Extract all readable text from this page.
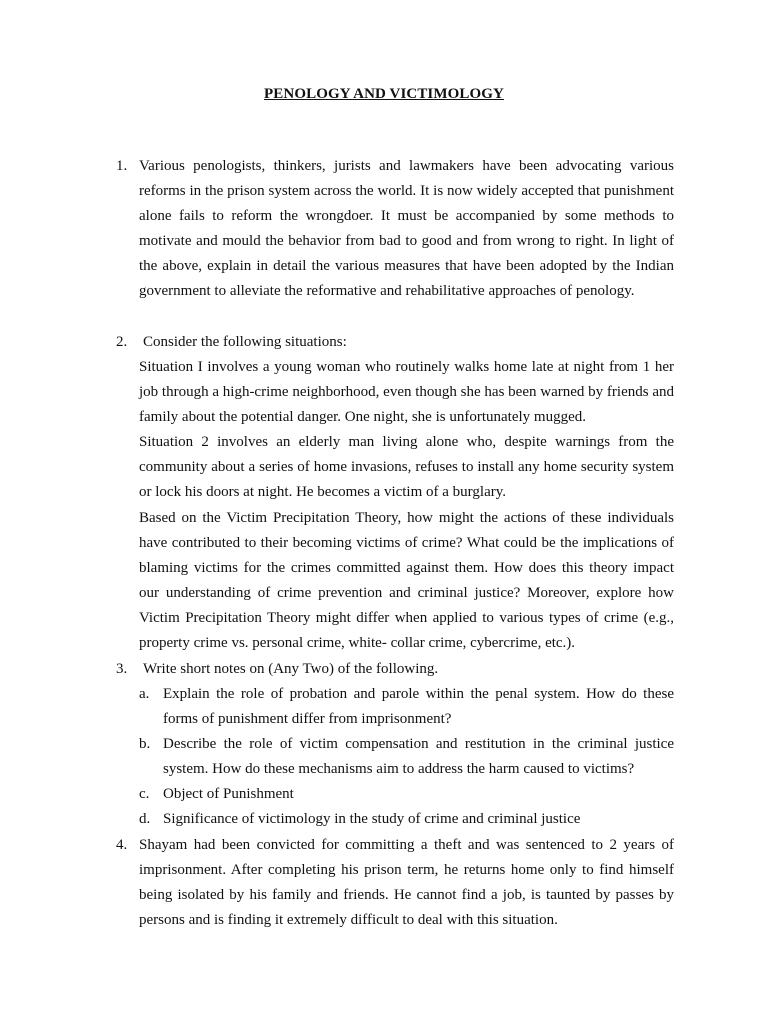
PENOLOGY AND VICTIMOLOGY
1. Various penologists, thinkers, jurists and lawmakers have been advocating various reforms in the prison system across the world. It is now widely accepted that punishment alone fails to reform the wrongdoer. It must be accompanied by some methods to motivate and mould the behavior from bad to good and from wrong to right. In light of the above, explain in detail the various measures that have been adopted by the Indian government to alleviate the reformative and rehabilitative approaches of penology.

2. Consider the following situations:

Situation I involves a young woman who routinely walks home late at night from 1 her job through a high-crime neighborhood, even though she has been warned by friends and family about the potential danger. One night, she is unfortunately mugged.

Situation 2 involves an elderly man living alone who, despite warnings from the community about a series of home invasions, refuses to install any home security system or lock his doors at night. He becomes a victim of a burglary.

Based on the Victim Precipitation Theory, how might the actions of these individuals have contributed to their becoming victims of crime? What could be the implications of blaming victims for the crimes committed against them. How does this theory impact our understanding of crime prevention and criminal justice? Moreover, explore how Victim Precipitation Theory might differ when applied to various types of crime (e.g., property crime vs. personal crime, white- collar crime, cybercrime, etc.).

3. Write short notes on (Any Two) of the following.

a. Explain the role of probation and parole within the penal system. How do these forms of punishment differ from imprisonment?
b. Describe the role of victim compensation and restitution in the criminal justice system. How do these mechanisms aim to address the harm caused to victims?
c. Object of Punishment
d. Significance of victimology in the study of crime and criminal justice
4. Shayam had been convicted for committing a theft and was sentenced to 2 years of imprisonment. After completing his prison term, he returns home only to find himself being isolated by his family and friends. He cannot find a job, is taunted by passes by persons and is finding it extremely difficult to deal with this situation.
